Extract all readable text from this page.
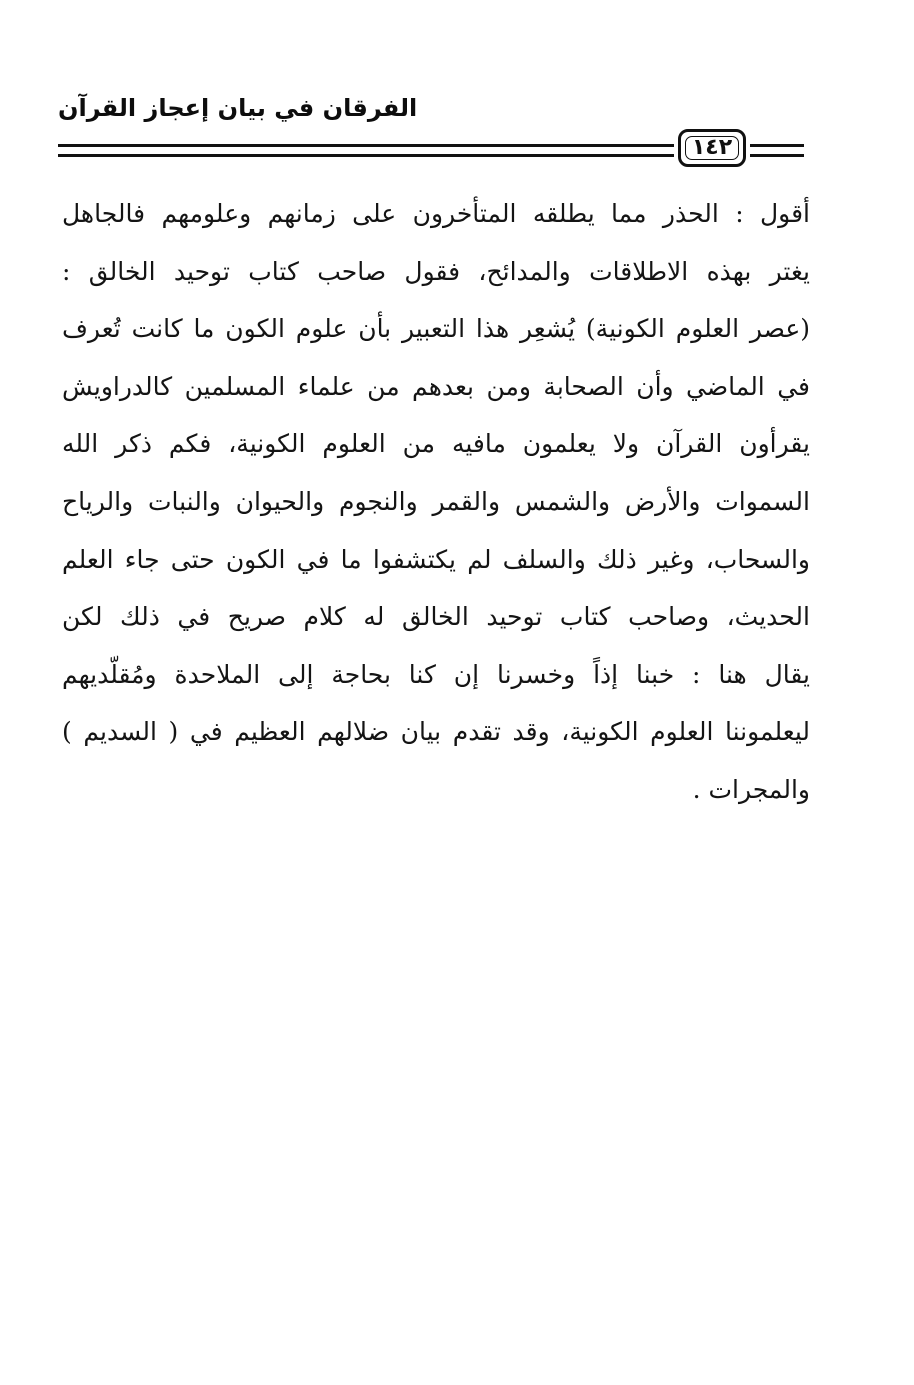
الفرقان في بيان إعجاز القرآن
١٤٢
أقول : الحذر مما يطلقه المتأخرون على زمانهم وعلومهم فالجاهل
يغتر بهذه الاطلاقات والمدائح، فقول صاحب كتاب توحيد الخالق :
(عصر العلوم الكونية) يُشعِر هذا التعبير بأن علوم الكون ما كانت تُعرف
في الماضي وأن الصحابة ومن بعدهم من علماء المسلمين كالدراويش
يقرأون القرآن ولا يعلمون مافيه من العلوم الكونية، فكم ذكر الله
السموات والأرض والشمس والقمر والنجوم والحيوان والنبات والرياح
والسحاب، وغير ذلك والسلف لم يكتشفوا ما في الكون حتى جاء العلم
الحديث، وصاحب كتاب توحيد الخالق له كلام صريح في ذلك لكن
يقال هنا : خبنا إذاً وخسرنا إن كنا بحاجة إلى الملاحدة ومُقلّديهم
ليعلموننا العلوم الكونية، وقد تقدم بيان ضلالهم العظيم في ( السديم )
والمجرات .
